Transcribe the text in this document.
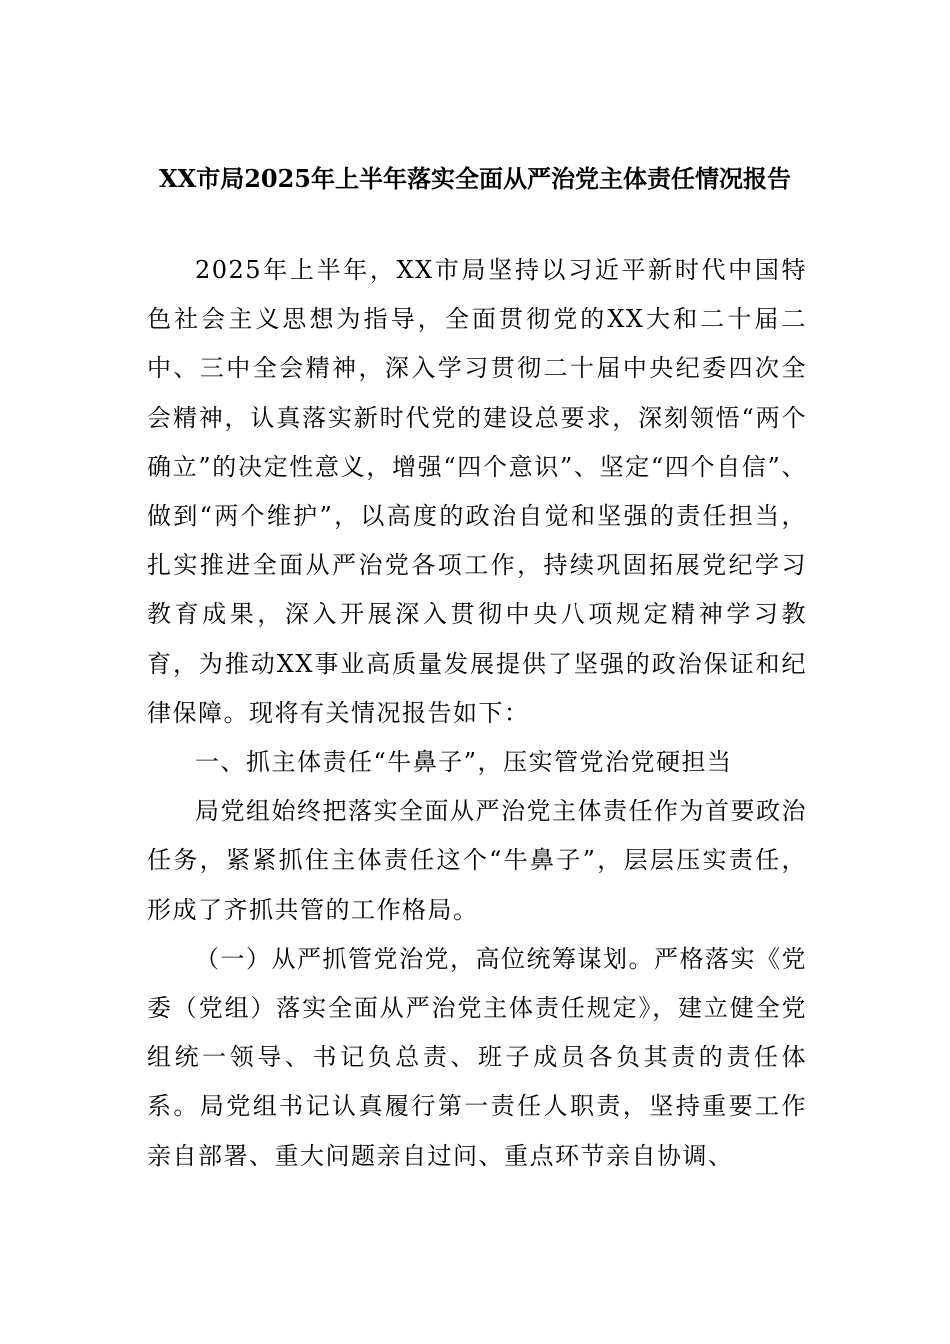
XX市局2025年上半年落实全面从严治党主体责任情况报告

2025年上半年，XX市局坚持以习近平新时代中国特色社会主义思想为指导，全面贯彻党的XX大和二十届二中、三中全会精神，深入学习贯彻二十届中央纪委四次全会精神，认真落实新时代党的建设总要求，深刻领悟“两个确立”的决定性意义，增强“四个意识”、坚定“四个自信”、做到“两个维护”，以高度的政治自觉和坚强的责任担当，扎实推进全面从严治党各项工作，持续巩固拓展党纪学习教育成果，深入开展深入贯彻中央八项规定精神学习教育，为推动XX事业高质量发展提供了坚强的政治保证和纪律保障。现将有关情况报告如下：

一、抓主体责任“牛鼻子”，压实管党治党硬担当

局党组始终把落实全面从严治党主体责任作为首要政治任务，紧紧抓住主体责任这个“牛鼻子”，层层压实责任，形成了齐抓共管的工作格局。

（一）从严抓管党治党，高位统筹谋划。严格落实《党委（党组）落实全面从严治党主体责任规定》，建立健全党组统一领导、书记负总责、班子成员各负其责的责任体系。局党组书记认真履行第一责任人职责，坚持重要工作亲自部署、重大问题亲自过问、重点环节亲自协调、
